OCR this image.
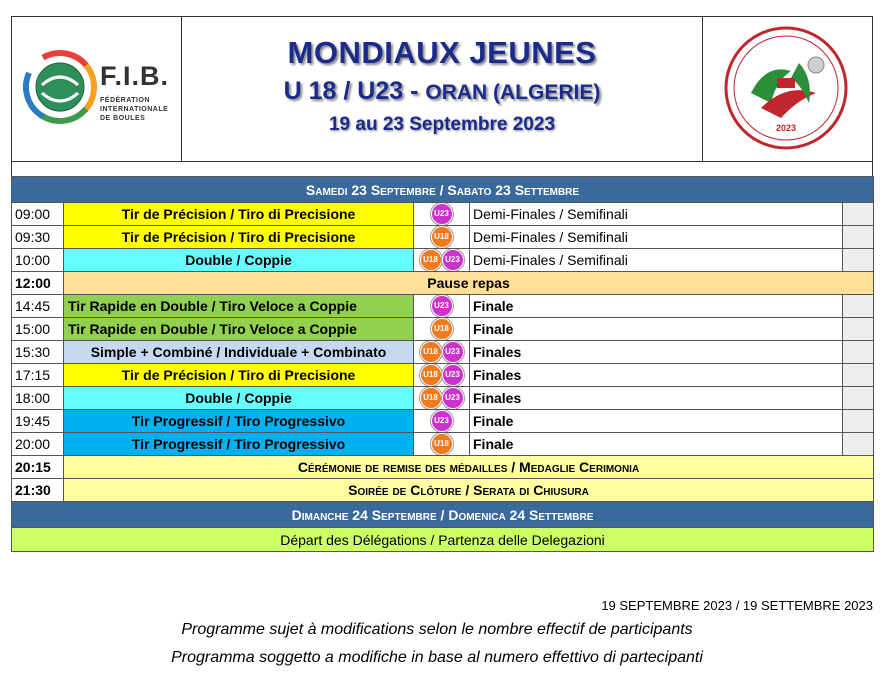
F.I.B.
FÉDÉRATION
INTERNATIONALE
DE BOULES
MONDIAUX JEUNES
U 18 / U23 - ORAN (ALGERIE)
19 au 23 Septembre 2023	2023
Samedi 23 Septembre / Sabato 23 Settembre				
09:00	Tir de Précision / Tiro di Precisione	U23	Demi-Finales / Semifinali	
09:30	Tir de Précision / Tiro di Precisione	U18	Demi-Finales / Semifinali	
10:00	Double / Coppie	U18 U23	Demi-Finales / Semifinali	
12:00	Pause repas			
14:45	Tir Rapide en Double / Tiro Veloce a Coppie	U23	Finale	
15:00	Tir Rapide en Double / Tiro Veloce a Coppie	U18	Finale	
15:30	Simple + Combiné / Individuale + Combinato	U18 U23	Finales	
17:15	Tir de Précision / Tiro di Precisione	U18 U23	Finales	
18:00	Double / Coppie	U18 U23	Finales	
19:45	Tir Progressif / Tiro Progressivo	U23	Finale	
20:00	Tir Progressif / Tiro Progressivo	U18	Finale	
20:15	Cérémonie de remise des médailles / Medaglie Cerimonia			
21:30	Soirée de Clôture / Serata di Chiusura			
Dimanche 24 Septembre / Domenica 24 Settembre				
Départ des Délégations / Partenza delle Delegazioni				
19 SEPTEMBRE 2023 / 19 SETTEMBRE 2023
Programme sujet à modifications selon le nombre effectif de participants
Programma soggetto a modifiche in base al numero effettivo di partecipanti
